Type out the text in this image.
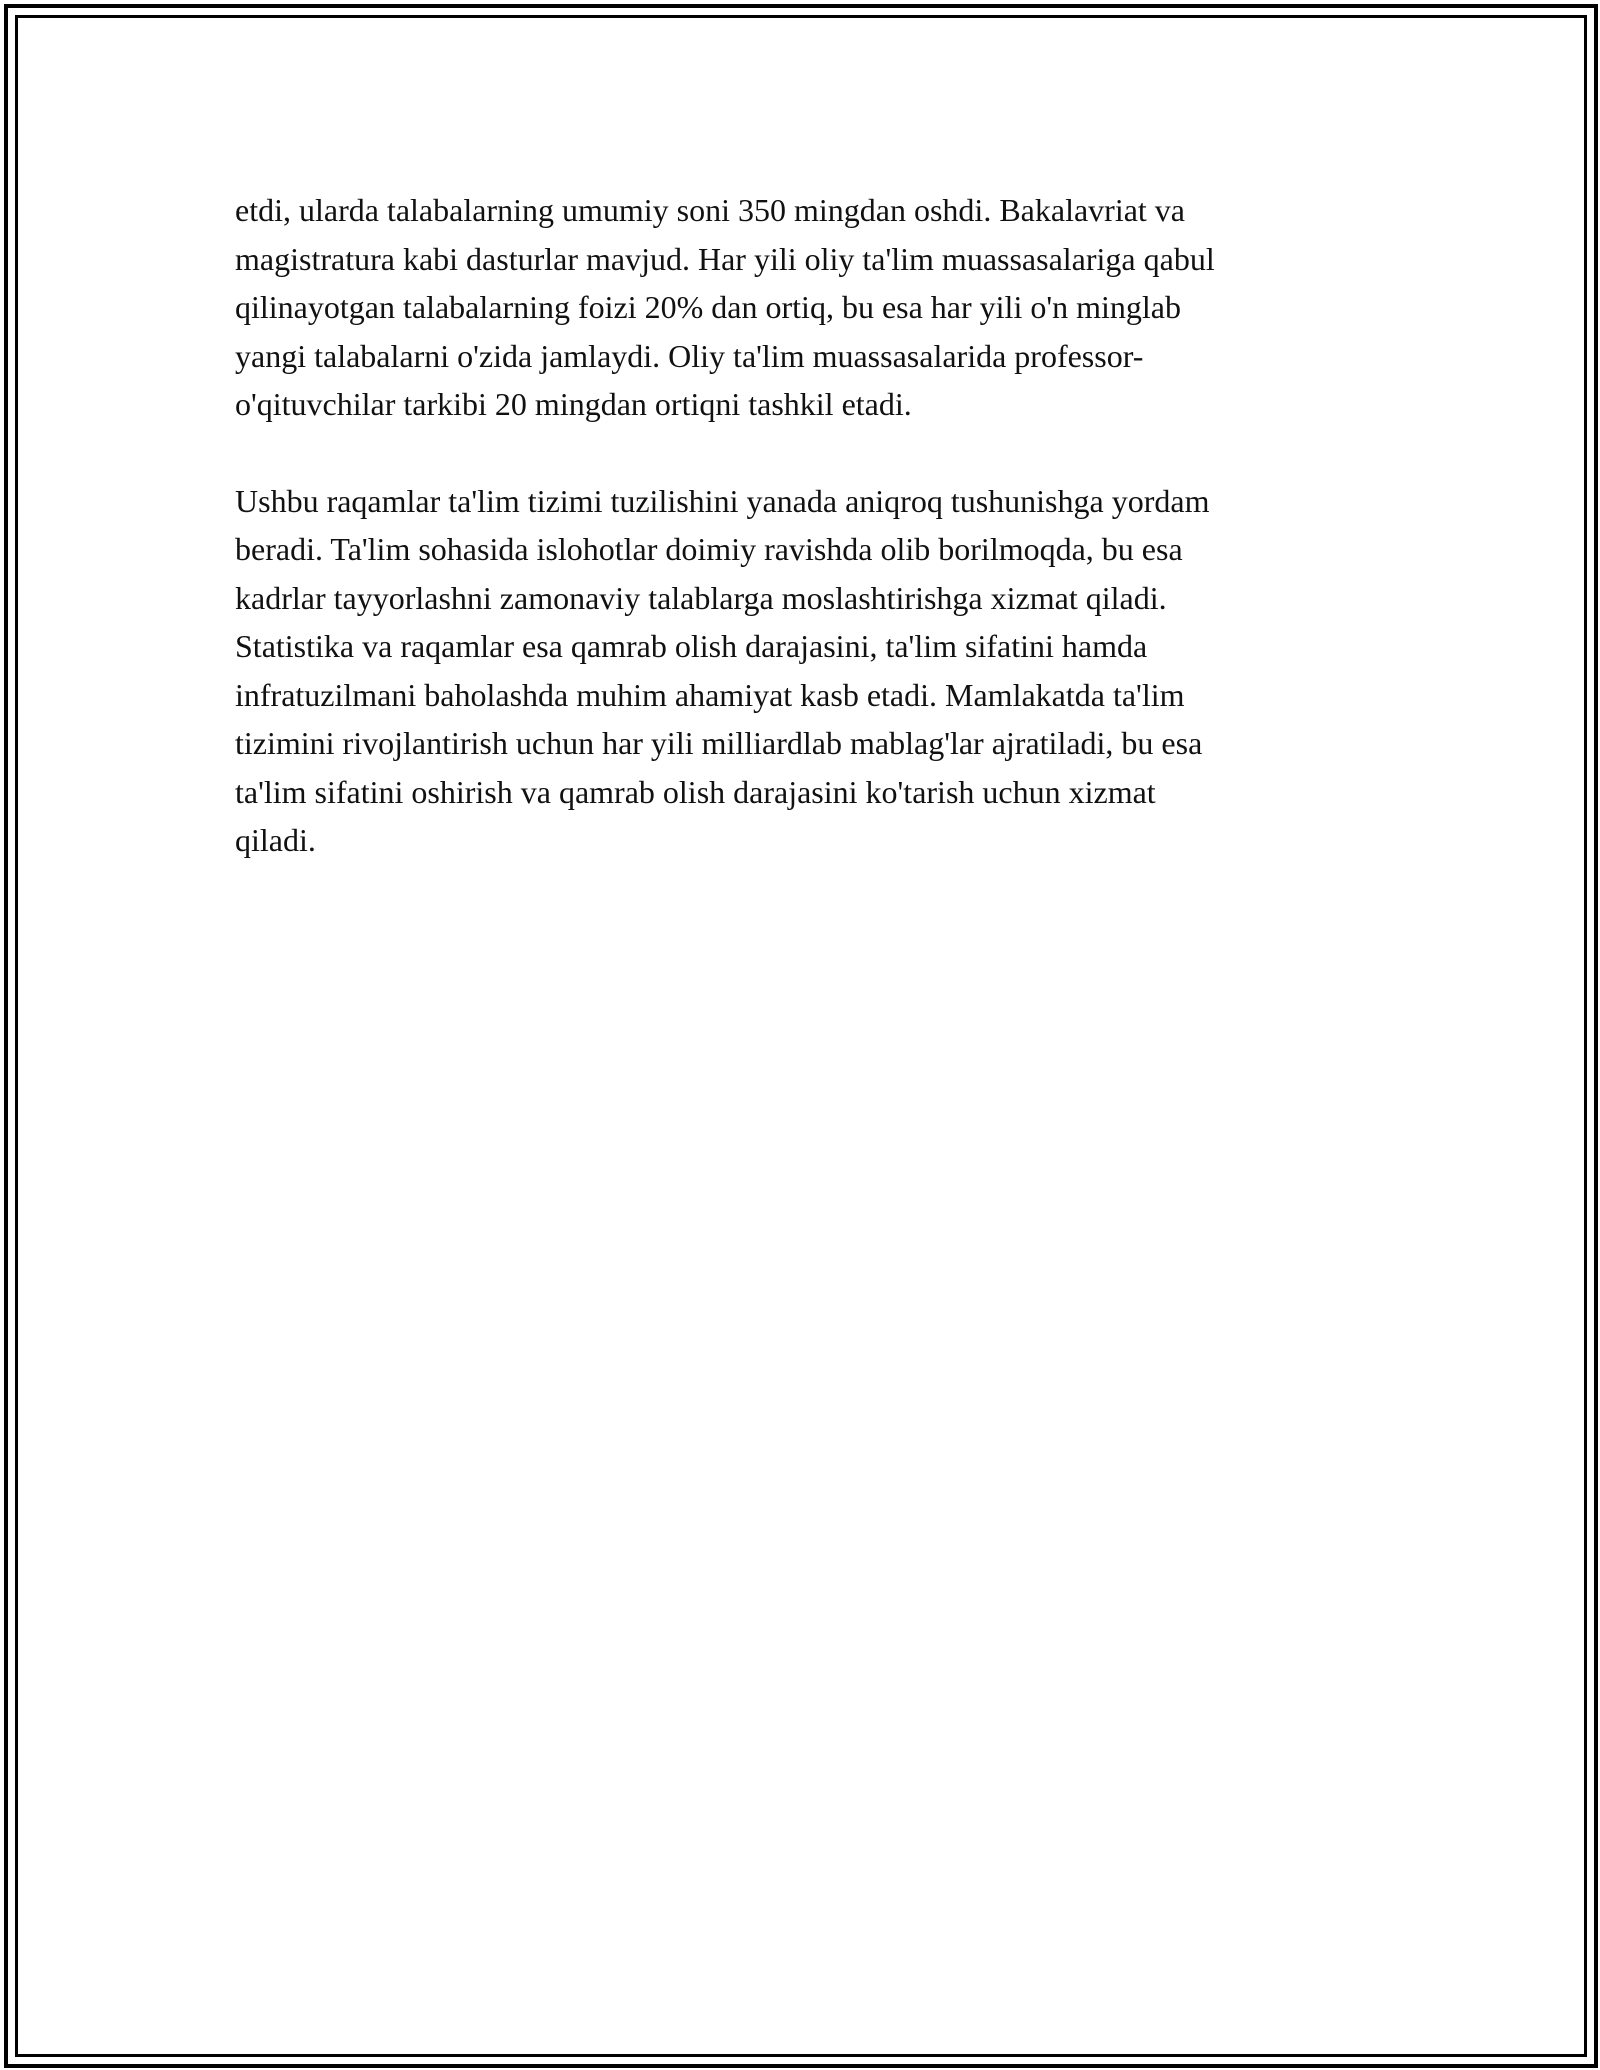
etdi, ularda talabalarning umumiy soni 350 mingdan oshdi. Bakalavriat va
magistratura kabi dasturlar mavjud. Har yili oliy ta'lim muassasalariga qabul
qilinayotgan talabalarning foizi 20% dan ortiq, bu esa har yili o'n minglab
yangi talabalarni o'zida jamlaydi. Oliy ta'lim muassasalarida professor-
o'qituvchilar tarkibi 20 mingdan ortiqni tashkil etadi.

Ushbu raqamlar ta'lim tizimi tuzilishini yanada aniqroq tushunishga yordam
beradi. Ta'lim sohasida islohotlar doimiy ravishda olib borilmoqda, bu esa
kadrlar tayyorlashni zamonaviy talablarga moslashtirishga xizmat qiladi.
Statistika va raqamlar esa qamrab olish darajasini, ta'lim sifatini hamda
infratuzilmani baholashda muhim ahamiyat kasb etadi. Mamlakatda ta'lim
tizimini rivojlantirish uchun har yili milliardlab mablag'lar ajratiladi, bu esa
ta'lim sifatini oshirish va qamrab olish darajasini ko'tarish uchun xizmat
qiladi.
